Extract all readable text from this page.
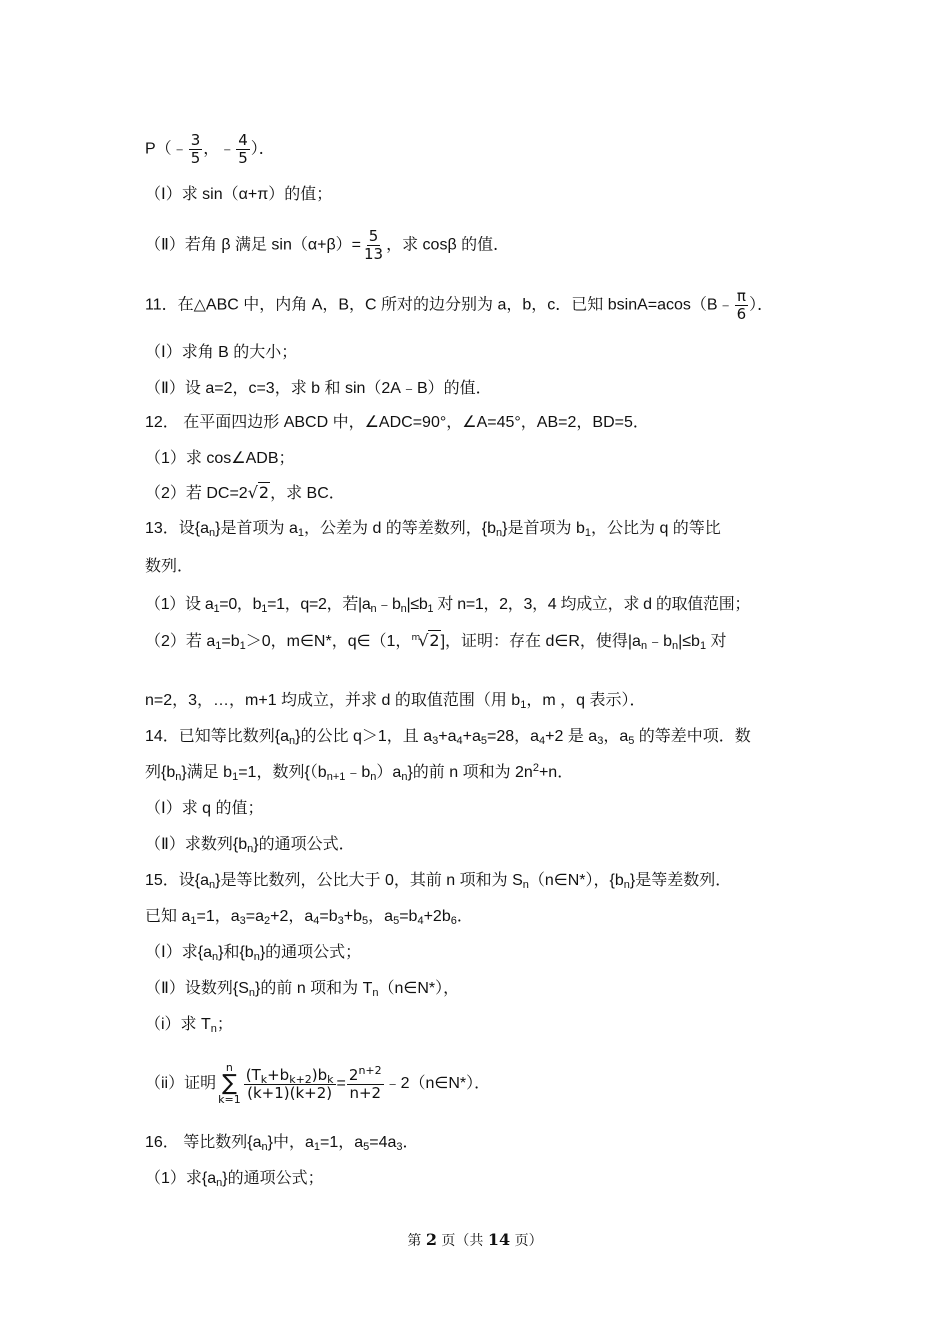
P（﹣ $\frac{3}{5}$ ，﹣ $\frac{4}{5}$ ）．
（Ⅰ）求 sin（α+π）的值；
（Ⅱ）若角 β 满足 $\sin(\alpha+\beta)= \frac{5}{13}$ ，求 cosβ 的值．
11．在△ABC 中，内角 A，B，C 所对的边分别为 a，b，c．已知 bsinA=acos（B﹣ $\frac{\pi}{6}$ ）．
（Ⅰ）求角 B 的大小；
（Ⅱ）设 a=2，c=3，求 b 和 sin（2A﹣B）的值．
12． 在平面四边形 ABCD 中，∠ADC=90°，∠A=45°，AB=2，BD=5．
（1）求 cos∠ADB；
（2）若 DC=2√2，求 BC．
13．设$\{a_n\}$是首项为 $a_1$，公差为 d 的等差数列，$\{b_n\}$是首项为 $b_1$，公比为 q 的等比
数列．
（1）设 $a_1=0$，$b_1=1$，q=2，若$|a_n﹣b_n|\le b_1$ 对 n=1，2，3，4 均成立，求 d 的取值范围；
（2）若 $a_1=b_1>0$，m∈N*，q∈（1，$^m$√2]，证明：存在 d∈R，使得$|a_n﹣b_n|\le b_1$ 对
n=2，3，…，m+1 均成立，并求 d 的取值范围（用 $b_1$，m ，q 表示）．
14．已知等比数列$\{a_n\}$的公比 q＞1，且 $a_3+a_4+a_5=28$，$a_4+2$ 是 $a_3$，$a_5$ 的等差中项．数
列$\{b_n\}$满足 $b_1=1$，数列$\{(b_{n+1}﹣b_n)a_n\}$的前 n 项和为 $2n^2+n$．
（Ⅰ）求 q 的值；
（Ⅱ）求数列$\{b_n\}$的通项公式．
15．设$\{a_n\}$是等比数列，公比大于 0，其前 n 项和为 $S_n(n\in N*)$，$\{b_n\}$是等差数列．
已知 $a_1=1$，$a_3=a_2+2$，$a_4=b_3+b_5$，$a_5=b_4+2b_6$．
（Ⅰ）求$\{a_n\}$和$\{b_n\}$的通项公式；
（Ⅱ）设数列$\{S_n\}$的前 n 项和为 $T_n(n\in N*)$，
（i）求 $T_n$；
（ii）证明
n
∑
$k=1 \frac{(T_k+b_{k+2})b_k}{(k+1)(k+2)} = \frac{2^{n+2}}{n+2}$ ﹣2（n∈N*）．
16． 等比数列$\{a_n\}$中，$a_1=1$，$a_5=4a_3$．
（1）求$\{a_n\}$的通项公式；
第 2 页（共 14 页）
